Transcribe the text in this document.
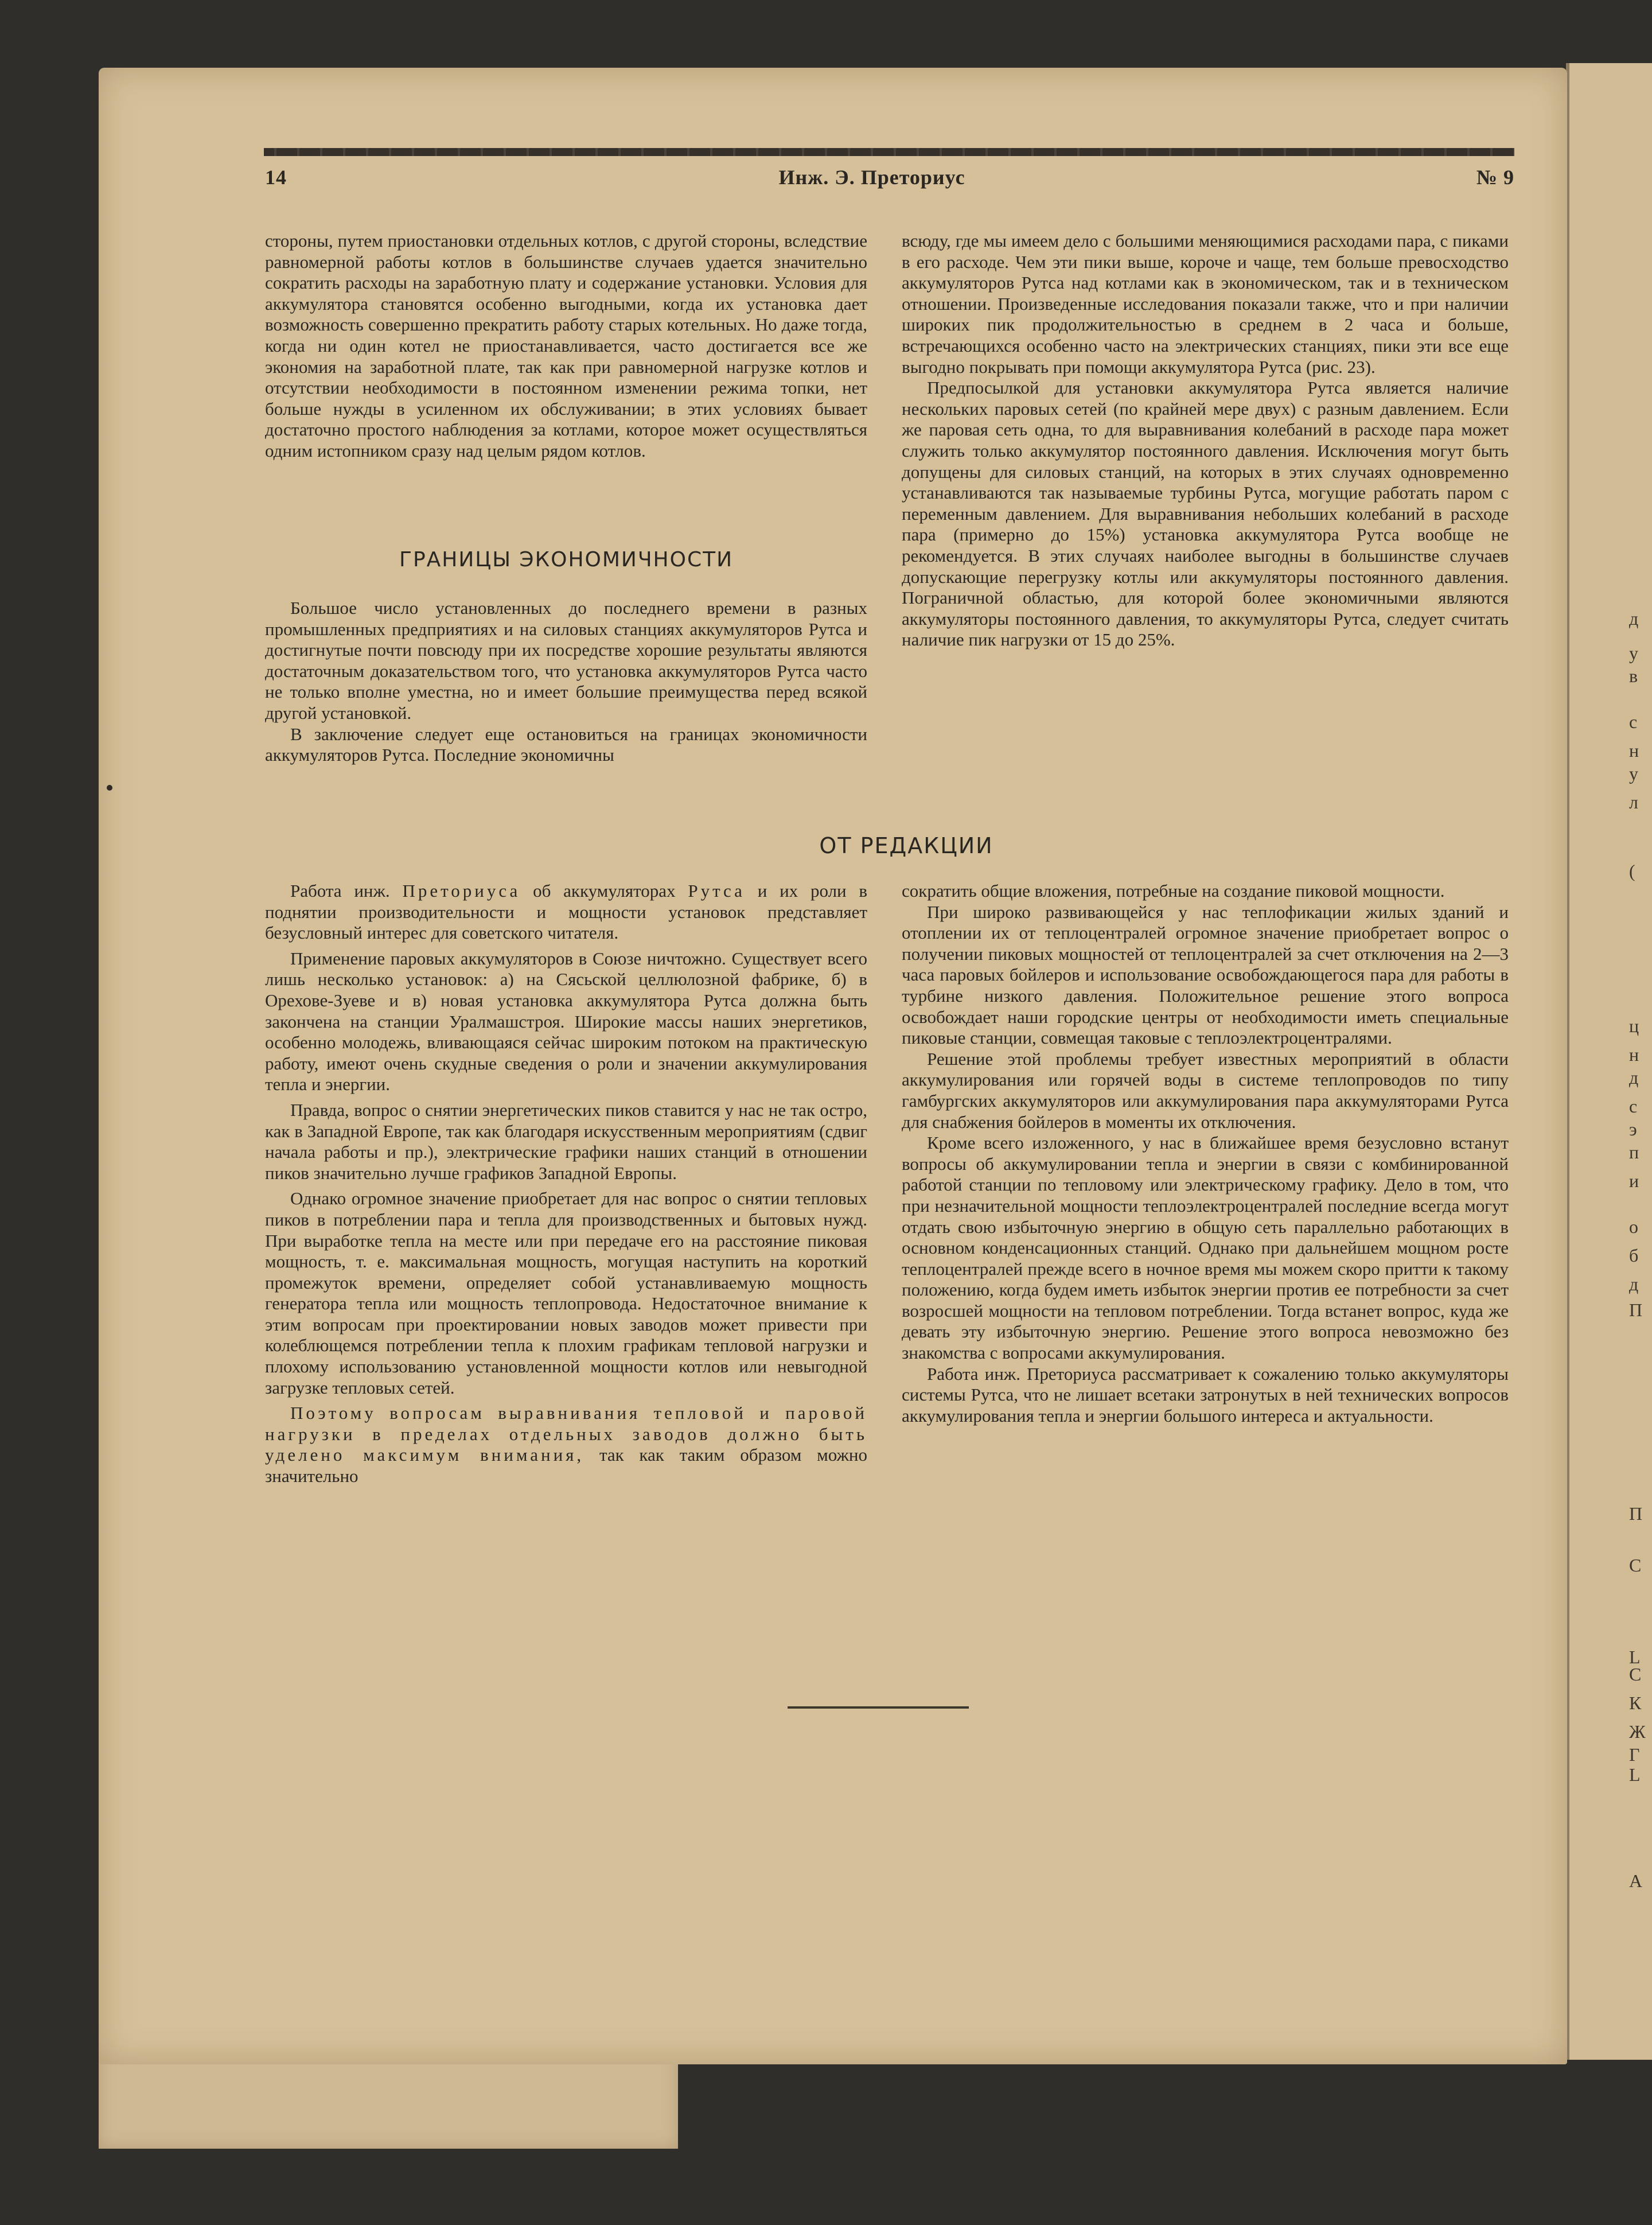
д
у
в
с
н
у
л
(
ц
н
д
с
э
п
и
о
б
д
П
П
С
L
С
К
Ж
Г
L
А
14	Инж. Э. Преториус	№ 9

стороны, путем приостановки отдельных котлов, с другой стороны, вследствие равномерной работы котлов в большинстве случаев удается значительно сократить расходы на заработную плату и содержание установки. Условия для аккумулятора становятся особенно выгодными, когда их установка дает возможность совершенно прекратить работу старых котельных. Но даже тогда, когда ни один котел не приостанавливается, часто достигается все же экономия на заработной плате, так как при равномерной нагрузке котлов и отсутствии необходимости в постоянном изменении режима топки, нет больше нужды в усиленном их обслуживании; в этих условиях бывает достаточно простого наблюдения за котлами, которое может осуществляться одним истопником сразу над целым рядом котлов.

ГРАНИЦЫ ЭКОНОМИЧНОСТИ

Большое число установленных до последнего времени в разных промышленных предприятиях и на силовых станциях аккумуляторов Рутса и достигнутые почти повсюду при их посредстве хорошие результаты являются достаточным доказательством того, что установка аккумуляторов Рутса часто не только вполне уместна, но и имеет большие преимущества перед всякой другой установкой.

В заключение следует еще остановиться на границах экономичности аккумуляторов Рутса. Последние экономичны

всюду, где мы имеем дело с большими меняющимися расходами пара, с пиками в его расходе. Чем эти пики выше, короче и чаще, тем больше превосходство аккумуляторов Рутса над котлами как в экономическом, так и в техническом отношении. Произведенные исследования показали также, что и при наличии широких пик продолжительностью в среднем в 2 часа и больше, встречающихся особенно часто на электрических станциях, пики эти все еще выгодно покрывать при помощи аккумулятора Рутса (рис. 23).

Предпосылкой для установки аккумулятора Рутса является наличие нескольких паровых сетей (по крайней мере двух) с разным давлением. Если же паровая сеть одна, то для выравнивания колебаний в расходе пара может служить только аккумулятор постоянного давления. Исключения могут быть допущены для силовых станций, на которых в этих случаях одновременно устанавливаются так называемые турбины Рутса, могущие работать паром с переменным давлением. Для выравнивания небольших колебаний в расходе пара (примерно до 15%) установка аккумулятора Рутса вообще не рекомендуется. В этих случаях наиболее выгодны в большинстве случаев допускающие перегрузку котлы или аккумуляторы постоянного давления. Пограничной областью, для которой более экономичными являются аккумуляторы постоянного давления, то аккумуляторы Рутса, следует считать наличие пик нагрузки от 15 до 25%.

ОТ РЕДАКЦИИ

Работа инж. Преториуса об аккумуляторах Рутса и их роли в поднятии производительности и мощности установок представляет безусловный интерес для советского читателя.

Применение паровых аккумуляторов в Союзе ничтожно. Существует всего лишь несколько установок: а) на Сясьской целлюлозной фабрике, б) в Орехове-Зуеве и в) новая установка аккумулятора Рутса должна быть закончена на станции Уралмашстроя. Широкие массы наших энергетиков, особенно молодежь, вливающаяся сейчас широким потоком на практическую работу, имеют очень скудные сведения о роли и значении аккумулирования тепла и энергии.

Правда, вопрос о снятии энергетических пиков ставится у нас не так остро, как в Западной Европе, так как благодаря искусственным мероприятиям (сдвиг начала работы и пр.), электрические графики наших станций в отношении пиков значительно лучше графиков Западной Европы.

Однако огромное значение приобретает для нас вопрос о снятии тепловых пиков в потреблении пара и тепла для производственных и бытовых нужд. При выработке тепла на месте или при передаче его на расстояние пиковая мощность, т. е. максимальная мощность, могущая наступить на короткий промежуток времени, определяет собой устанавливаемую мощность генератора тепла или мощность теплопровода. Недостаточное внимание к этим вопросам при проектировании новых заводов может привести при колеблющемся потреблении тепла к плохим графикам тепловой нагрузки и плохому использованию установленной мощности котлов или невыгодной загрузке тепловых сетей.

Поэтому вопросам выравнивания тепловой и паровой нагрузки в пределах отдельных заводов должно быть уделено максимум внимания, так как таким образом можно значительно

сократить общие вложения, потребные на создание пиковой мощности.

При широко развивающейся у нас теплофикации жилых зданий и отоплении их от теплоцентралей огромное значение приобретает вопрос о получении пиковых мощностей от теплоцентралей за счет отключения на 2—3 часа паровых бойлеров и использование освобождающегося пара для работы в турбине низкого давления. Положительное решение этого вопроса освобождает наши городские центры от необходимости иметь специальные пиковые станции, совмещая таковые с теплоэлектроцентралями.

Решение этой проблемы требует известных мероприятий в области аккумулирования или горячей воды в системе теплопроводов по типу гамбургских аккумуляторов или аккумулирования пара аккумуляторами Рутса для снабжения бойлеров в моменты их отключения.

Кроме всего изложенного, у нас в ближайшее время безусловно встанут вопросы об аккумулировании тепла и энергии в связи с комбинированной работой станции по тепловому или электрическому графику. Дело в том, что при незначительной мощности теплоэлектроцентралей последние всегда могут отдать свою избыточную энергию в общую сеть параллельно работающих в основном конденсационных станций. Однако при дальнейшем мощном росте теплоцентралей прежде всего в ночное время мы можем скоро притти к такому положению, когда будем иметь избыток энергии против ее потребности за счет возросшей мощности на тепловом потреблении. Тогда встанет вопрос, куда же девать эту избыточную энергию. Решение этого вопроса невозможно без знакомства с вопросами аккумулирования.

Работа инж. Преториуса рассматривает к сожалению только аккумуляторы системы Рутса, что не лишает всетаки затронутых в ней технических вопросов аккумулирования тепла и энергии большого интереса и актуальности.
